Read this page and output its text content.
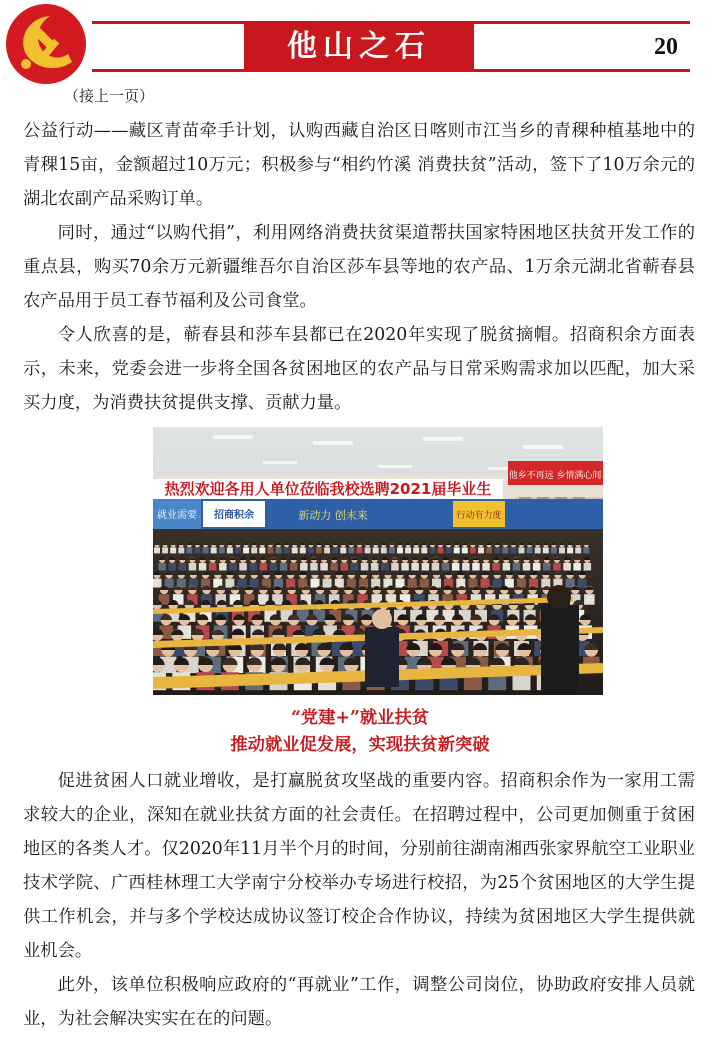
他山之石	20
（接上一页）

公益行动——藏区青苗牵手计划，认购西藏自治区日喀则市江当乡的青稞种植基地中的青稞15亩，金额超过10万元；积极参与“相约竹溪 消费扶贫”活动，签下了10万余元的湖北农副产品采购订单。

同时，通过“以购代捐”，利用网络消费扶贫渠道帮扶国家特困地区扶贫开发工作的重点县，购买70余万元新疆维吾尔自治区莎车县等地的农产品、1万余元湖北省蕲春县农产品用于员工春节福利及公司食堂。

令人欣喜的是，蕲春县和莎车县都已在2020年实现了脱贫摘帽。招商积余方面表示，未来，党委会进一步将全国各贫困地区的农产品与日常采购需求加以匹配，加大采买力度，为消费扶贫提供支撑、贡献力量。

他乡不再远 乡情满心间
热烈欢迎各用人单位莅临我校选聘2021届毕业生
就业需要 招商积余	新动力 创未来	行动有力度
“党建+”就业扶贫
推动就业促发展，实现扶贫新突破

促进贫困人口就业增收，是打赢脱贫攻坚战的重要内容。招商积余作为一家用工需求较大的企业，深知在就业扶贫方面的社会责任。在招聘过程中，公司更加侧重于贫困地区的各类人才。仅2020年11月半个月的时间，分别前往湖南湘西张家界航空工业职业技术学院、广西桂林理工大学南宁分校举办专场进行校招，为25个贫困地区的大学生提供工作机会，并与多个学校达成协议签订校企合作协议，持续为贫困地区大学生提供就业机会。

此外，该单位积极响应政府的“再就业”工作，调整公司岗位，协助政府安排人员就业，为社会解决实实在在的问题。
